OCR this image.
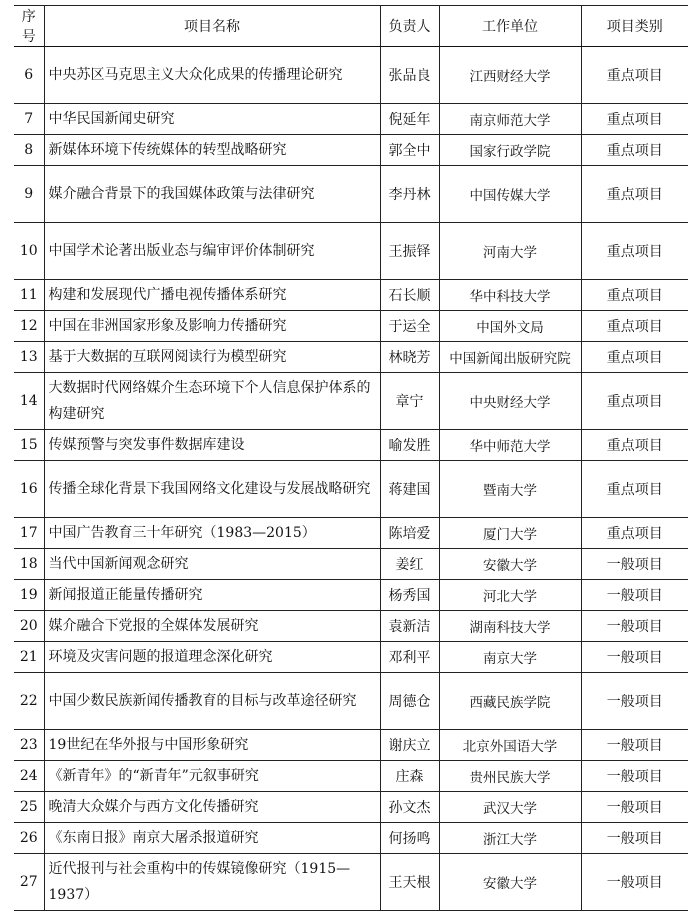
序号	项目名称	负责人	工作单位	项目类别
6	中央苏区马克思主义大众化成果的传播理论研究	张品良	江西财经大学	重点项目
7	中华民国新闻史研究	倪延年	南京师范大学	重点项目
8	新媒体环境下传统媒体的转型战略研究	郭全中	国家行政学院	重点项目
9	媒介融合背景下的我国媒体政策与法律研究	李丹林	中国传媒大学	重点项目
10	中国学术论著出版业态与编审评价体制研究	王振铎	河南大学	重点项目
11	构建和发展现代广播电视传播体系研究	石长顺	华中科技大学	重点项目
12	中国在非洲国家形象及影响力传播研究	于运全	中国外文局	重点项目
13	基于大数据的互联网阅读行为模型研究	林晓芳	中国新闻出版研究院	重点项目
14	大数据时代网络媒介生态环境下个人信息保护体系的构建研究	章宁	中央财经大学	重点项目
15	传媒预警与突发事件数据库建设	喻发胜	华中师范大学	重点项目
16	传播全球化背景下我国网络文化建设与发展战略研究	蒋建国	暨南大学	重点项目
17	中国广告教育三十年研究（1983—2015）	陈培爱	厦门大学	重点项目
18	当代中国新闻观念研究	姜红	安徽大学	一般项目
19	新闻报道正能量传播研究	杨秀国	河北大学	一般项目
20	媒介融合下党报的全媒体发展研究	袁新洁	湖南科技大学	一般项目
21	环境及灾害问题的报道理念深化研究	邓利平	南京大学	一般项目
22	中国少数民族新闻传播教育的目标与改革途径研究	周德仓	西藏民族学院	一般项目
23	19世纪在华外报与中国形象研究	谢庆立	北京外国语大学	一般项目
24	《新青年》的“新青年”元叙事研究	庄森	贵州民族大学	一般项目
25	晚清大众媒介与西方文化传播研究	孙文杰	武汉大学	一般项目
26	《东南日报》南京大屠杀报道研究	何扬鸣	浙江大学	一般项目
27	近代报刊与社会重构中的传媒镜像研究（1915—1937）	王天根	安徽大学	一般项目
